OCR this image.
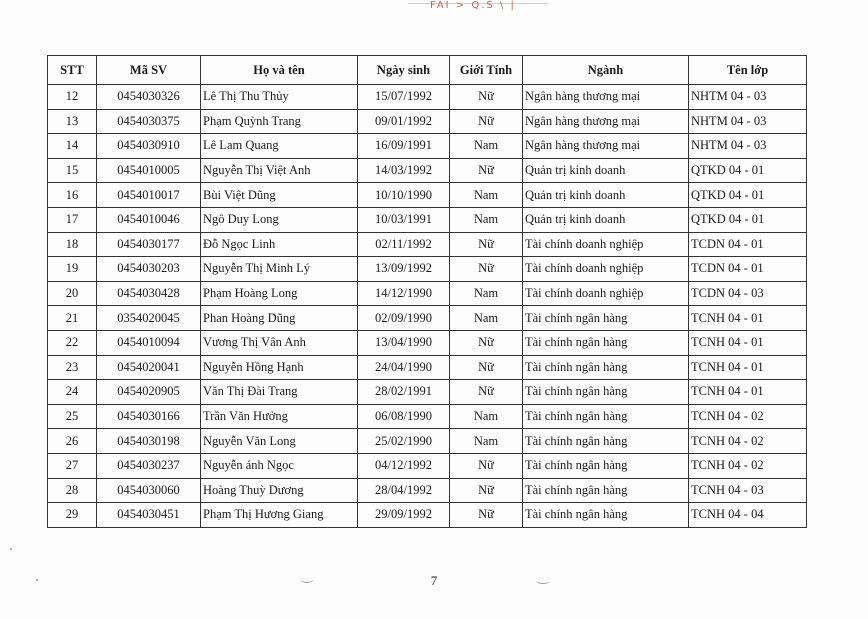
FAI > Q.S \ |
STT	Mã SV	Họ và tên	Ngày sinh	Giới Tính	Ngành	Tên lớp
12	0454030326	Lê Thị Thu Thủy	15/07/1992	Nữ	Ngân hàng thương mại	NHTM 04 - 03
13	0454030375	Phạm Quỳnh Trang	09/01/1992	Nữ	Ngân hàng thương mại	NHTM 04 - 03
14	0454030910	Lê Lam Quang	16/09/1991	Nam	Ngân hàng thương mại	NHTM 04 - 03
15	0454010005	Nguyễn Thị Việt Anh	14/03/1992	Nữ	Quản trị kinh doanh	QTKD 04 - 01
16	0454010017	Bùi Việt Dũng	10/10/1990	Nam	Quản trị kinh doanh	QTKD 04 - 01
17	0454010046	Ngô Duy Long	10/03/1991	Nam	Quản trị kinh doanh	QTKD 04 - 01
18	0454030177	Đỗ Ngọc Linh	02/11/1992	Nữ	Tài chính doanh nghiệp	TCDN 04 - 01
19	0454030203	Nguyễn Thị Minh Lý	13/09/1992	Nữ	Tài chính doanh nghiệp	TCDN 04 - 01
20	0454030428	Phạm Hoàng Long	14/12/1990	Nam	Tài chính doanh nghiệp	TCDN 04 - 03
21	0354020045	Phan Hoàng Dũng	02/09/1990	Nam	Tài chính ngân hàng	TCNH 04 - 01
22	0454010094	Vương Thị Vân Anh	13/04/1990	Nữ	Tài chính ngân hàng	TCNH 04 - 01
23	0454020041	Nguyễn Hồng Hạnh	24/04/1990	Nữ	Tài chính ngân hàng	TCNH 04 - 01
24	0454020905	Văn Thị Đài Trang	28/02/1991	Nữ	Tài chính ngân hàng	TCNH 04 - 01
25	0454030166	Trần Văn Hưởng	06/08/1990	Nam	Tài chính ngân hàng	TCNH 04 - 02
26	0454030198	Nguyễn Văn Long	25/02/1990	Nam	Tài chính ngân hàng	TCNH 04 - 02
27	0454030237	Nguyễn ánh Ngọc	04/12/1992	Nữ	Tài chính ngân hàng	TCNH 04 - 02
28	0454030060	Hoàng Thuỳ Dương	28/04/1992	Nữ	Tài chính ngân hàng	TCNH 04 - 03
29	0454030451	Phạm Thị Hương Giang	29/09/1992	Nữ	Tài chính ngân hàng	TCNH 04 - 04
7
